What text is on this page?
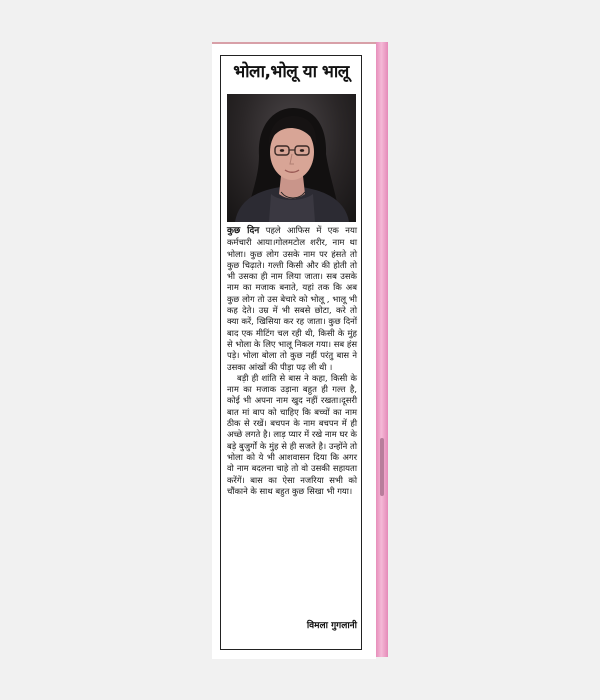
भोला,भोलू या भालू

कुछ दिन पहले आफिस में एक नया कर्मचारी आया।गोलमटोल शरीर, नाम था भोला। कुछ लोग उसके नाम पर हंसते तो कुछ चिढ़ाते। गल्ती किसी और की होती तो भी उसका ही नाम लिया जाता। सब उसके नाम का मजाक बनाते, यहां तक कि अब कुछ लोग तो उस बेचारे को भोलू , भालू भी कह देते। उम्र में भी सबसे छोटा, करे तो क्या करें, खिसिया कर रह जाता। कुछ दिनों बाद एक मीटिंग चल रही थी, किसी के मुंह से भोला के लिए भालू निकल गया। सब हंस पड़े। भोला बोला तो कुछ नहीं परंतु बास ने उसका आंखों की पीड़ा पढ़ ली थी ।

बड़ी ही शांति से बास ने कहा, किसी के नाम का मजाक उड़ाना बहुत ही गल्त है, कोई भी अपना नाम खुद नहीं रखता।दूसरी बात मां बाप को चाहिए कि बच्चों का नाम ठीक से रखें। बचपन के नाम बचपन में ही अच्छे लगते है। लाड़ प्यार में रखे नाम घर के बड़े बुजुर्गों के मुंह से ही सजते है। उन्होंने तो भोला को ये भी आशवासन दिया कि अगर वो नाम बदलना चाहे तो वो उसकी सहायता करेंगें। बास का ऐसा नजरिया सभी को चौंकाने के साथ बहुत कुछ सिखा भी गया।

विमला गुगलानी
